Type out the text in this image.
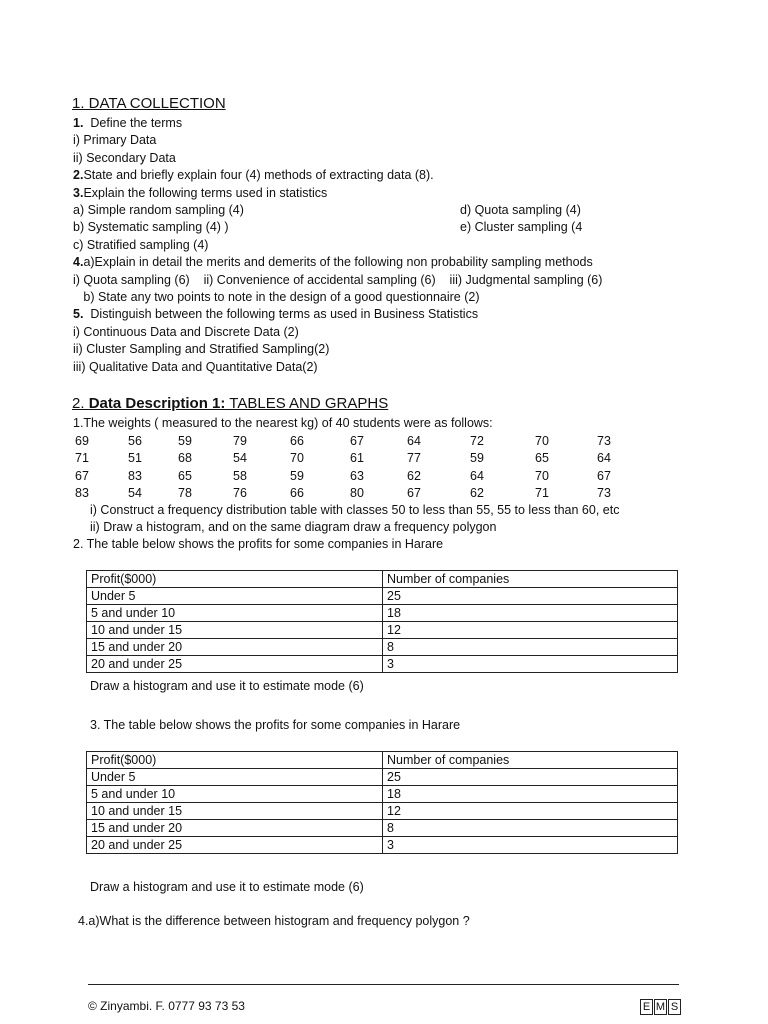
1. DATA COLLECTION
1.  Define the terms
i) Primary Data
ii) Secondary Data
2.State and briefly explain four (4) methods of extracting data (8).
3.Explain the following terms used in statistics
a) Simple random sampling (4)
b) Systematic sampling (4) )
c) Stratified sampling (4)
4.a)Explain in detail the merits and demerits of the following non probability sampling methods
i) Quota sampling (6)    ii) Convenience of accidental sampling (6)    iii) Judgmental sampling (6)
b) State any two points to note in the design of a good questionnaire (2)
5.  Distinguish between the following terms as used in Business Statistics
i) Continuous Data and Discrete Data (2)
ii) Cluster Sampling and Stratified Sampling(2)
iii) Qualitative Data and Quantitative Data(2)
d) Quota sampling (4)
e) Cluster sampling (4
2. Data Description 1: TABLES AND GRAPHS
1.The weights ( measured to the nearest kg) of 40 students were as follows:
69	56	59	79	66	67	64	72	70	73
71	51	68	54	70	61	77	59	65	64
67	83	65	58	59	63	62	64	70	67
83	54	78	76	66	80	67	62	71	73
i) Construct a frequency distribution table with classes 50 to less than 55, 55 to less than 60, etc
ii) Draw a histogram, and on the same diagram draw a frequency polygon
2. The table below shows the profits for some companies in Harare
Profit($000)	Number of companies
Under 5	25
5 and under 10	18
10 and under 15	12
15 and under 20	8
20 and under 25	3
Draw a histogram and use it to estimate mode (6)
3. The table below shows the profits for some companies in Harare
Profit($000)	Number of companies
Under 5	25
5 and under 10	18
10 and under 15	12
15 and under 20	8
20 and under 25	3
Draw a histogram and use it to estimate mode (6)
4.a)What is the difference between histogram and frequency polygon ?
© Zinyambi. F. 0777 93 73 53	E M S
